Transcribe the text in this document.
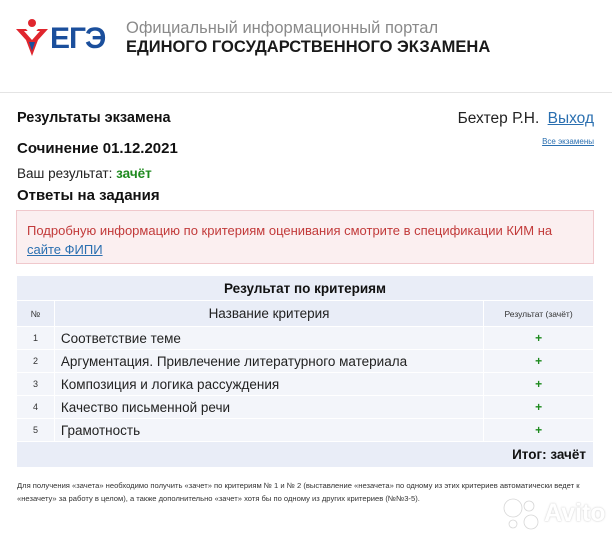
ЕГЭ Официальный информационный портал
ЕДИНОГО ГОСУДАРСТВЕННОГО ЭКЗАМЕНА
Результаты экзамена	Бехтер Р.Н. Выход
Все экзамены
Сочинение 01.12.2021
Ваш результат: зачёт
Ответы на задания
Подробную информацию по критериям оценивания смотрите в спецификации КИМ на сайте ФИПИ
Результат по критериям		
№	Название критерия	Результат (зачёт)
1	Соответствие теме	+
2	Аргументация. Привлечение литературного материала	+
3	Композиция и логика рассуждения	+
4	Качество письменной речи	+
5	Грамотность	+
Итог: зачёт		
Для получения «зачета» необходимо получить «зачет» по критериям № 1 и № 2 (выставление «незачета» по одному из этих критериев автоматически ведет к «незачету» за работу в целом), а также дополнительно «зачет» хотя бы по одному из других критериев (№№3-5).
Avito
